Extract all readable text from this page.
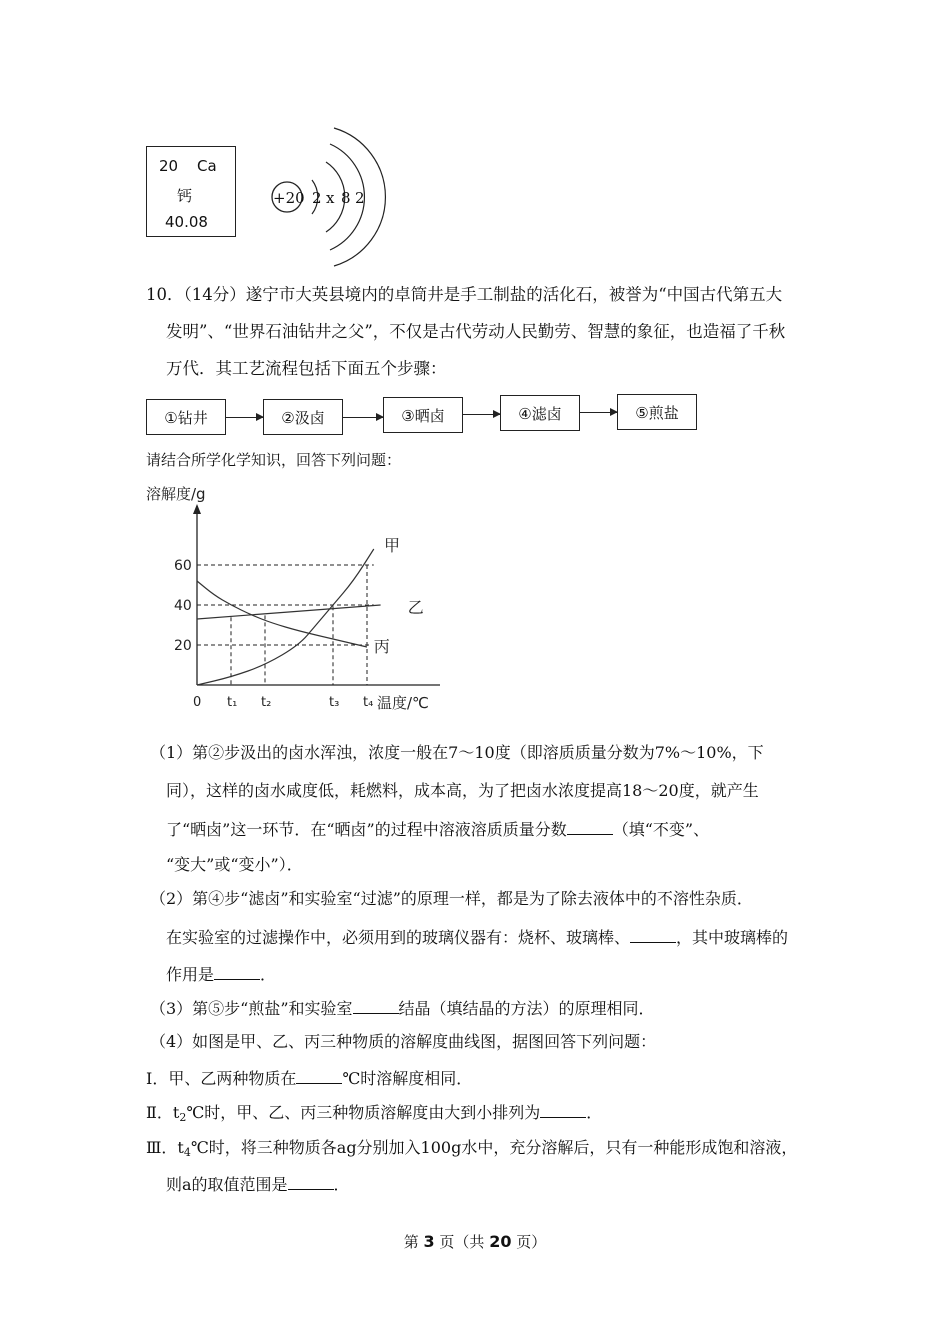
20 Ca
钙
40.08
+20 2 x 8 2
10．（14分）遂宁市大英县境内的卓筒井是手工制盐的活化石，被誉为“中国古代第五大
发明”、“世界石油钻井之父”，不仅是古代劳动人民勤劳、智慧的象征，也造福了千秋
万代．其工艺流程包括下面五个步骤：
①钻井	②汲卤	③晒卤	④滤卤	⑤煎盐
请结合所学化学知识，回答下列问题：
20
40
60
0 t₁ t₂	t₃ t₄
溶解度/g
温度/℃
甲
乙
丙
（1）第②步汲出的卤水浑浊，浓度一般在7～10度（即溶质质量分数为7%～10%，下
同），这样的卤水咸度低，耗燃料，成本高，为了把卤水浓度提高18～20度，就产生
了“晒卤”这一环节．在“晒卤”的过程中溶液溶质质量分数	（填“不变”、
“变大”或“变小”）．
（2）第④步“滤卤”和实验室“过滤”的原理一样，都是为了除去液体中的不溶性杂质．
在实验室的过滤操作中，必须用到的玻璃仪器有：烧杯、玻璃棒、	，其中玻璃棒的
作用是	．
（3）第⑤步“煎盐”和实验室	结晶（填结晶的方法）的原理相同．
（4）如图是甲、乙、丙三种物质的溶解度曲线图，据图回答下列问题：
Ⅰ．甲、乙两种物质在	℃时溶解度相同．
Ⅱ．$t_2℃$时，甲、乙、丙三种物质溶解度由大到小排列为	．
Ⅲ．$t_4℃$时，将三种物质各ag分别加入100g水中，充分溶解后，只有一种能形成饱和溶液，
则a的取值范围是	．
第 3 页（共 20 页）
